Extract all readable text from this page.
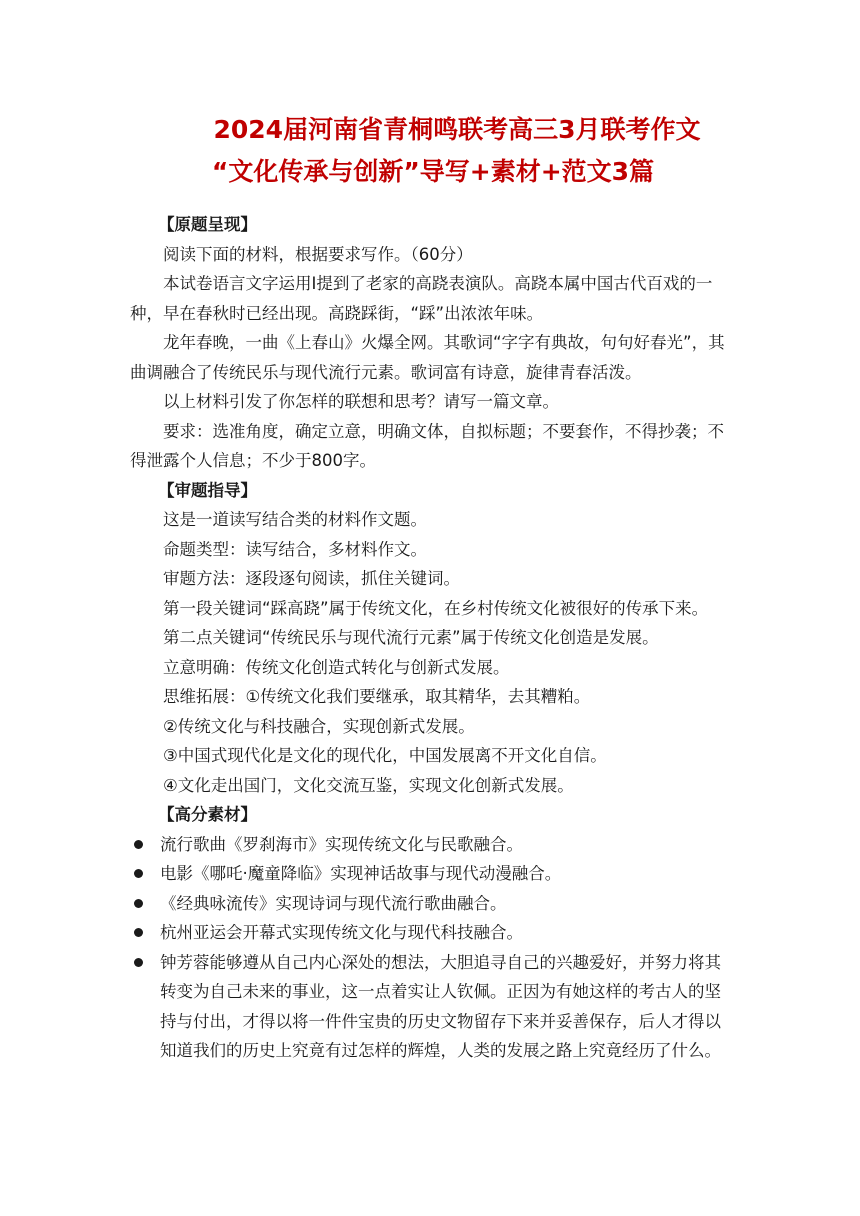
2024届河南省青桐鸣联考高三3月联考作文
“文化传承与创新”导写+素材+范文3篇

【原题呈现】

阅读下面的材料，根据要求写作。（60分）

本试卷语言文字运用Ⅰ提到了老家的高跷表演队。高跷本属中国古代百戏的一种，早在春秋时已经出现。高跷踩街，“踩”出浓浓年味。

龙年春晚，一曲《上春山》火爆全网。其歌词“字字有典故，句句好春光”，其曲调融合了传统民乐与现代流行元素。歌词富有诗意，旋律青春活泼。

以上材料引发了你怎样的联想和思考？请写一篇文章。

要求：选准角度，确定立意，明确文体，自拟标题；不要套作，不得抄袭；不得泄露个人信息；不少于800字。

【审题指导】

这是一道读写结合类的材料作文题。

命题类型：读写结合，多材料作文。

审题方法：逐段逐句阅读，抓住关键词。

第一段关键词“踩高跷”属于传统文化，在乡村传统文化被很好的传承下来。

第二点关键词“传统民乐与现代流行元素”属于传统文化创造是发展。

立意明确：传统文化创造式转化与创新式发展。

思维拓展：①传统文化我们要继承，取其精华，去其糟粕。

②传统文化与科技融合，实现创新式发展。

③中国式现代化是文化的现代化，中国发展离不开文化自信。

④文化走出国门，文化交流互鉴，实现文化创新式发展。

【高分素材】

流行歌曲《罗刹海市》实现传统文化与民歌融合。
电影《哪吒·魔童降临》实现神话故事与现代动漫融合。
《经典咏流传》实现诗词与现代流行歌曲融合。
杭州亚运会开幕式实现传统文化与现代科技融合。
钟芳蓉能够遵从自己内心深处的想法，大胆追寻自己的兴趣爱好，并努力将其转变为自己未来的事业，这一点着实让人钦佩。正因为有她这样的考古人的坚持与付出，才得以将一件件宝贵的历史文物留存下来并妥善保存，后人才得以知道我们的历史上究竟有过怎样的辉煌，人类的发展之路上究竟经历了什么。
